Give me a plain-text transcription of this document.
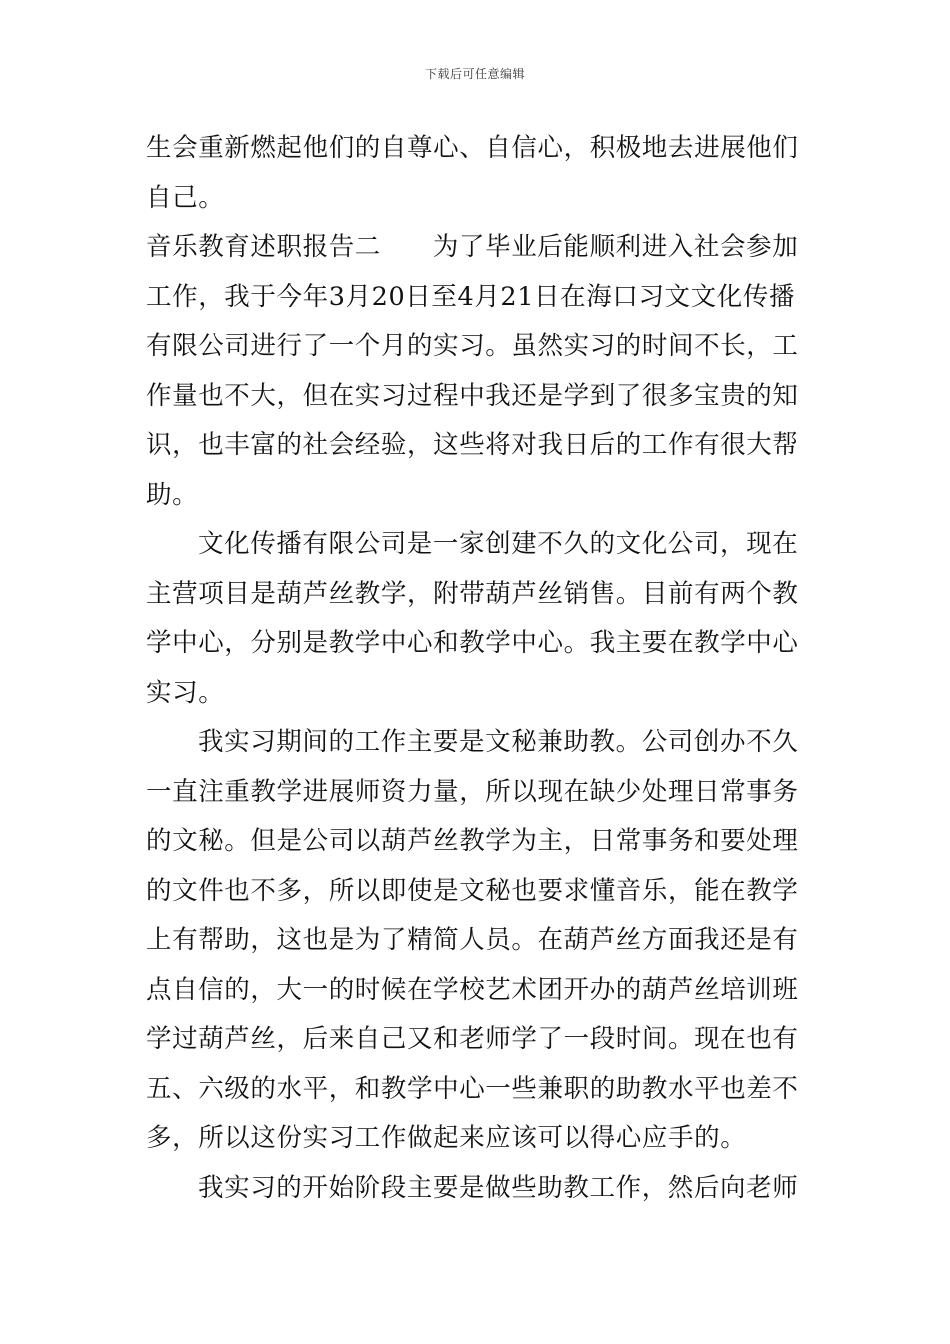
下载后可任意编辑
生会重新燃起他们的自尊心、自信心，积极地去进展他们
自己。
音乐教育述职报告二 为了毕业后能顺利进入社会参加
工作，我于今年3月20日至4月21日在海口习文文化传播
有限公司进行了一个月的实习。虽然实习的时间不长，工
作量也不大，但在实习过程中我还是学到了很多宝贵的知
识，也丰富的社会经验，这些将对我日后的工作有很大帮
助。
文化传播有限公司是一家创建不久的文化公司，现在
主营项目是葫芦丝教学，附带葫芦丝销售。目前有两个教
学中心，分别是教学中心和教学中心。我主要在教学中心
实习。
我实习期间的工作主要是文秘兼助教。公司创办不久
一直注重教学进展师资力量，所以现在缺少处理日常事务
的文秘。但是公司以葫芦丝教学为主，日常事务和要处理
的文件也不多，所以即使是文秘也要求懂音乐，能在教学
上有帮助，这也是为了精简人员。在葫芦丝方面我还是有
点自信的，大一的时候在学校艺术团开办的葫芦丝培训班
学过葫芦丝，后来自己又和老师学了一段时间。现在也有
五、六级的水平，和教学中心一些兼职的助教水平也差不
多，所以这份实习工作做起来应该可以得心应手的。
我实习的开始阶段主要是做些助教工作，然后向老师
